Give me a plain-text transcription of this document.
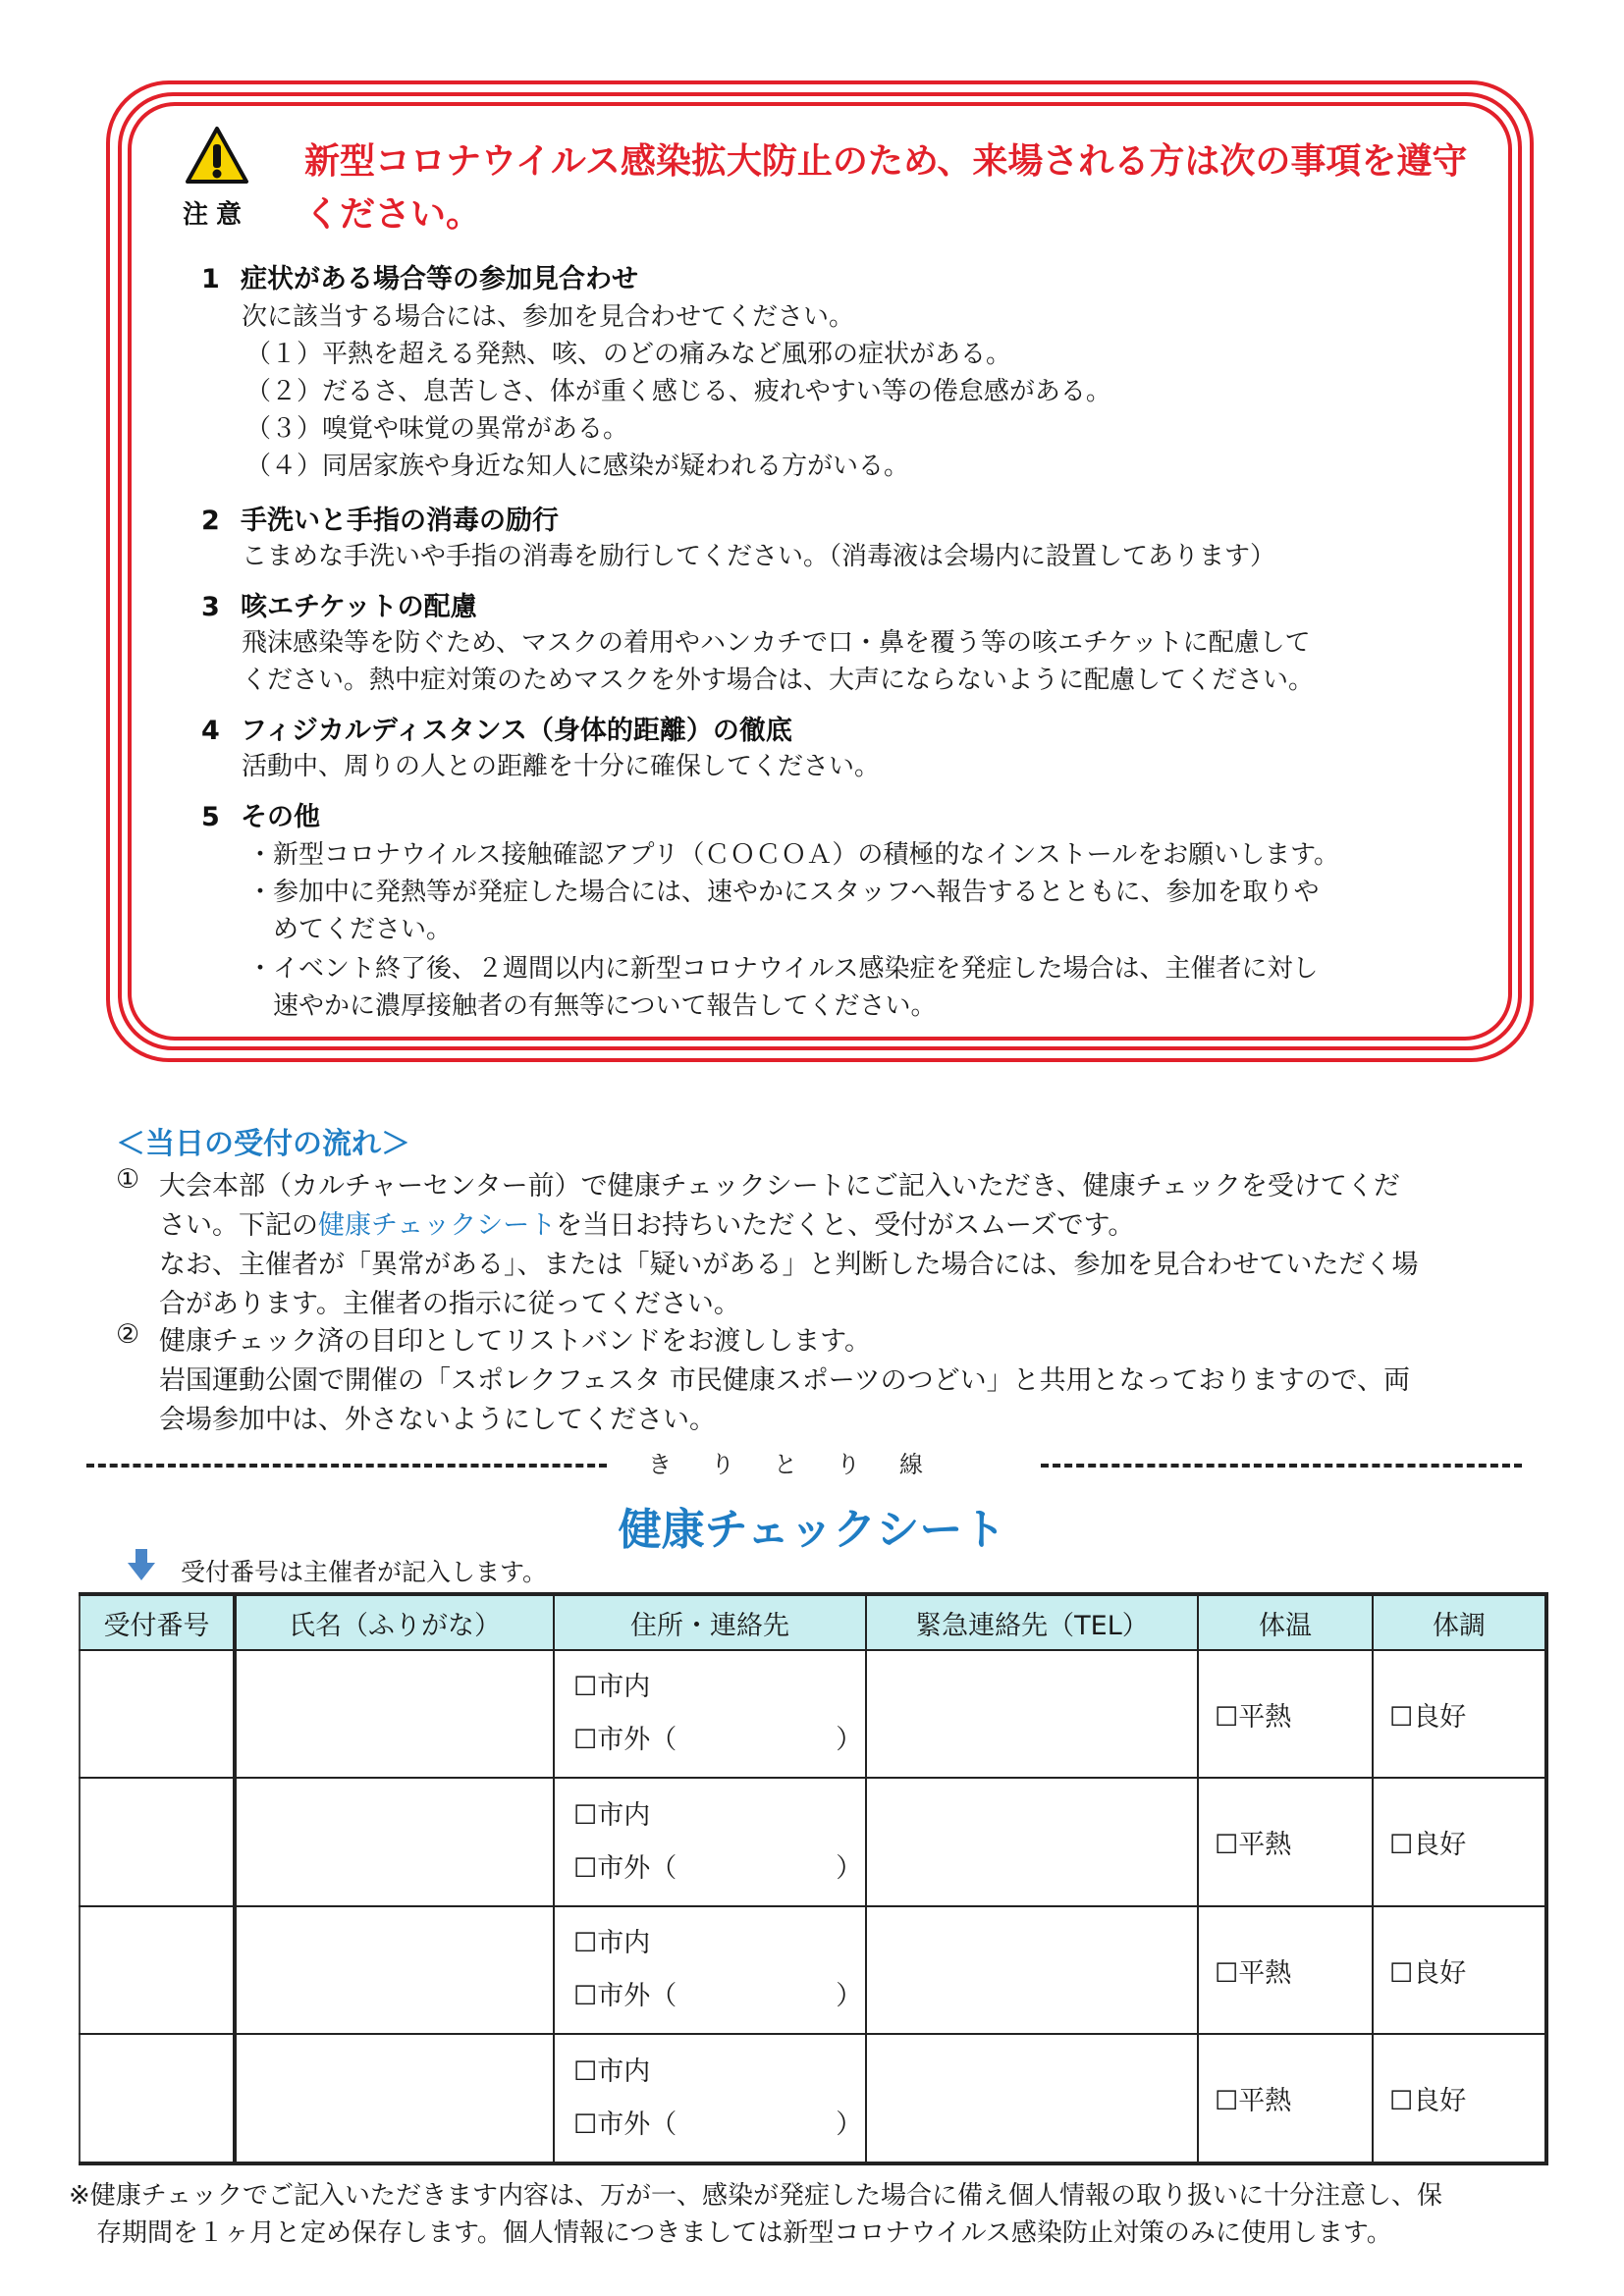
注意
新型コロナウイルス感染拡大防止のため、来場される方は次の事項を遵守ください。
1 症状がある場合等の参加見合わせ
次に該当する場合には、参加を見合わせてください。
（１）平熱を超える発熱、咳、のどの痛みなど風邪の症状がある。
（２）だるさ、息苦しさ、体が重く感じる、疲れやすい等の倦怠感がある。
（３）嗅覚や味覚の異常がある。
（４）同居家族や身近な知人に感染が疑われる方がいる。
2 手洗いと手指の消毒の励行
こまめな手洗いや手指の消毒を励行してください。（消毒液は会場内に設置してあります）
3 咳エチケットの配慮
飛沫感染等を防ぐため、マスクの着用やハンカチで口・鼻を覆う等の咳エチケットに配慮して
ください。熱中症対策のためマスクを外す場合は、大声にならないように配慮してください。
4 フィジカルディスタンス（身体的距離）の徹底
活動中、周りの人との距離を十分に確保してください。
5 その他
・新型コロナウイルス接触確認アプリ（ＣＯＣＯＡ）の積極的なインストールをお願いします。
・参加中に発熱等が発症した場合には、速やかにスタッフへ報告するとともに、参加を取りや
めてください。
・イベント終了後、２週間以内に新型コロナウイルス感染症を発症した場合は、主催者に対し
速やかに濃厚接触者の有無等について報告してください。
＜当日の受付の流れ＞
① 大会本部（カルチャーセンター前）で健康チェックシートにご記入いただき、健康チェックを受けてくだ
さい。下記の健康チェックシートを当日お持ちいただくと、受付がスムーズです。
なお、主催者が「異常がある」、または「疑いがある」と判断した場合には、参加を見合わせていただく場
合があります。主催者の指示に従ってください。
② 健康チェック済の目印としてリストバンドをお渡しします。
岩国運動公園で開催の「スポレクフェスタ 市民健康スポーツのつどい」と共用となっておりますので、両
会場参加中は、外さないようにしてください。
きりとり線
健康チェックシート
受付番号は主催者が記入します。
受付番号	氏名（ふりがな）	住所・連絡先	緊急連絡先（TEL）	体温	体調

		☐市内
☐市外（　　　　　　）		☐平熱	☐良好

		☐市内
☐市外（　　　　　　）		☐平熱	☐良好

		☐市内
☐市外（　　　　　　）		☐平熱	☐良好

		☐市内
☐市外（　　　　　　）		☐平熱	☐良好

※健康チェックでご記入いただきます内容は、万が一、感染が発症した場合に備え個人情報の取り扱いに十分注意し、保
存期間を１ヶ月と定め保存します。個人情報につきましては新型コロナウイルス感染防止対策のみに使用します。
